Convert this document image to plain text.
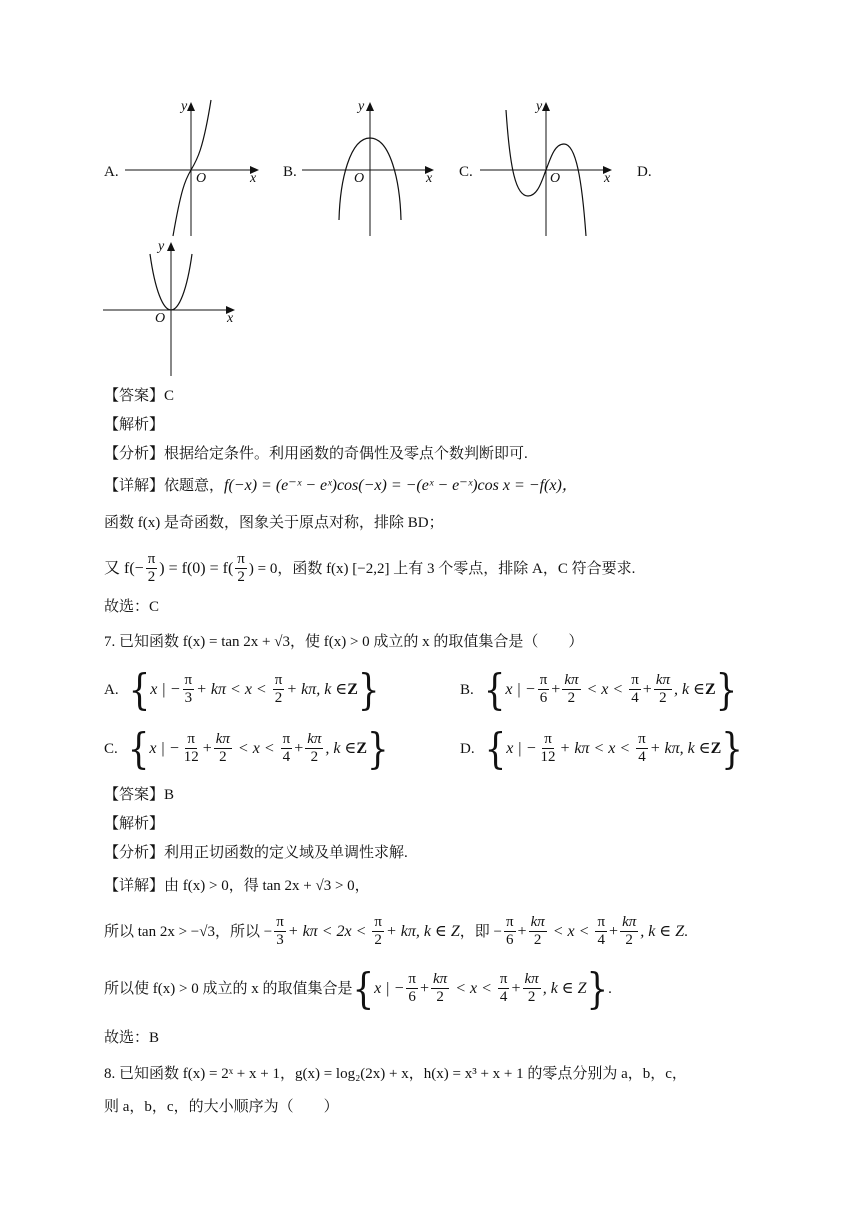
A.
y
x
O	B.
y
x
O	C.
y
x
O	D.
y
x
O
【答案】C
【解析】
【分析】根据给定条件。利用函数的奇偶性及零点个数判断即可.
【详解】依题意， f(−x) = (e⁻ˣ − eˣ)cos(−x) = −(eˣ − e⁻ˣ)cos x = −f(x)，
函数 f(x) 是奇函数，图象关于原点对称，排除 BD；
又 $f(- \frac{\pi}{2}$ ) = $f(0) = f( \frac{\pi}{2}$ ) = 0，函数 f(x) [−2,2] 上有 3 个零点，排除 A，C 符合要求.
故选：C
7. 已知函数 f(x) = tan 2x + √3，使 f(x) > 0 成立的 x 的取值集合是（　　）
A. { x | − $\frac{\pi}{3} + k\pi < x < \frac{\pi}{2} + k\pi$ , k ∈ Z }	B. { x | − $\frac{\pi}{6} + \frac{k\pi}{2} < x < \frac{\pi}{4} + \frac{k\pi}{2}$ , k ∈ Z }
C. { x | − $\frac{\pi}{12} + \frac{k\pi}{2} < x < \frac{\pi}{4} + \frac{k\pi}{2}$ , k ∈ Z }	D. { x | − $\frac{\pi}{12} + k\pi < x < \frac{\pi}{4} + k\pi$ , k ∈ Z }
【答案】B
【解析】
【分析】利用正切函数的定义域及单调性求解.
【详解】由 f(x) > 0，得 tan 2x + √3 > 0，
所以 tan 2x > −√3，所以 − $\frac{\pi}{3} + k\pi < 2x < \frac{\pi}{2} + k\pi$ , k ∈ Z ，即 − $\frac{\pi}{6} + \frac{k\pi}{2} < x < \frac{\pi}{4} + \frac{k\pi}{2}$ , k ∈ Z .
所以使 f(x) > 0 成立的 x 的取值集合是 { x | − $\frac{\pi}{6} + \frac{k\pi}{2} < x < \frac{\pi}{4} + \frac{k\pi}{2}$ , k ∈ Z } .
故选：B
8. 已知函数 f(x) = 2ˣ + x + 1，g(x) = log₂(2x) + x，h(x) = x³ + x + 1 的零点分别为 a，b，c，
则 a，b，c，的大小顺序为（　　）
